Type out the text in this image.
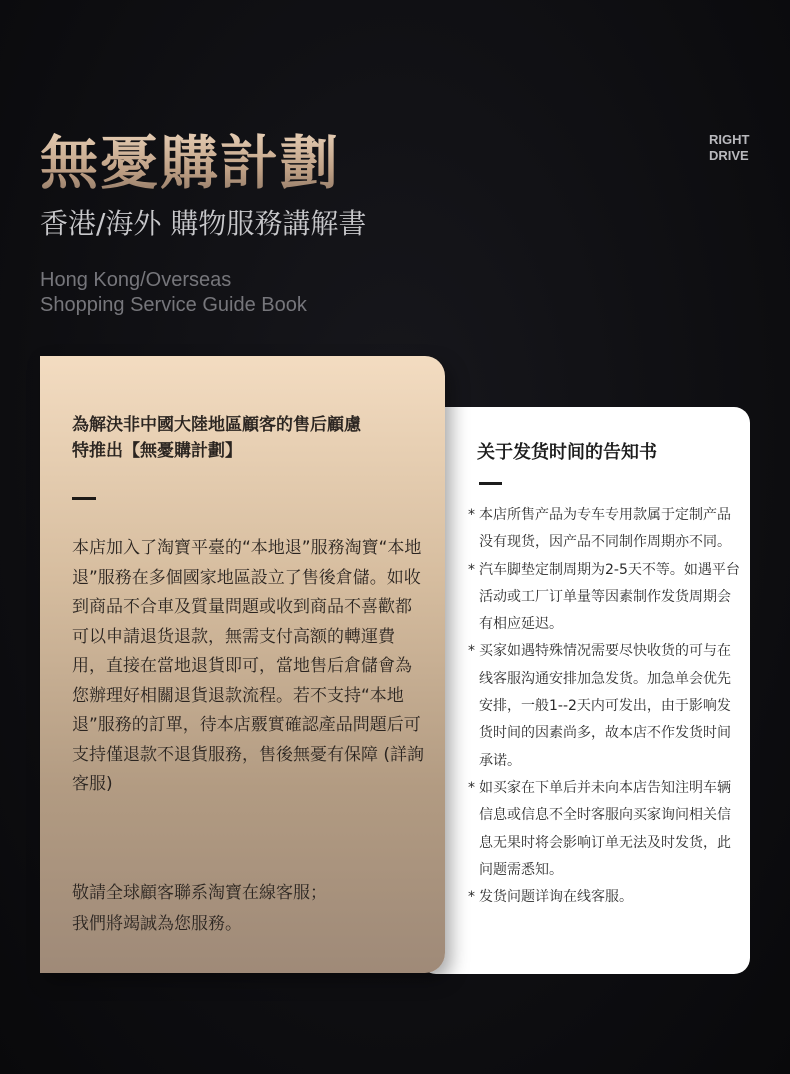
無憂購計劃	RIGHT
DRIVE
香港/海外 購物服務講解書
Hong Kong/Overseas
Shopping Service Guide Book
关于发货时间的告知书
* 本店所售产品为专车专用款属于定制产品没有现货，因产品不同制作周期亦不同。
* 汽车脚垫定制周期为2-5天不等。如遇平台活动或工厂订单量等因素制作发货周期会有相应延迟。
* 买家如遇特殊情况需要尽快收货的可与在线客服沟通安排加急发货。加急单会优先安排，一般1--2天内可发出，由于影响发货时间的因素尚多，故本店不作发货时间承诺。
* 如买家在下单后并未向本店告知注明车辆信息或信息不全时客服向买家询问相关信息无果时将会影响订单无法及时发货，此问题需悉知。
* 发货问题详询在线客服。
為解決非中國大陸地區顧客的售后顧慮
特推出【無憂購計劃】
本店加入了淘寶平臺的“本地退”服務淘寶“本地退”服務在多個國家地區設立了售後倉儲。如收到商品不合車及質量問題或收到商品不喜歡都可以申請退货退款，無需支付高额的轉運費用，直接在當地退貨即可，當地售后倉儲會為您辦理好相關退貨退款流程。若不支持“本地退”服務的訂單，待本店覈實確認產品問題后可支持僅退款不退貨服務，售後無憂有保障 (詳詢客服)
敬請全球顧客聯系淘寶在線客服；
我們將竭誠為您服務。
